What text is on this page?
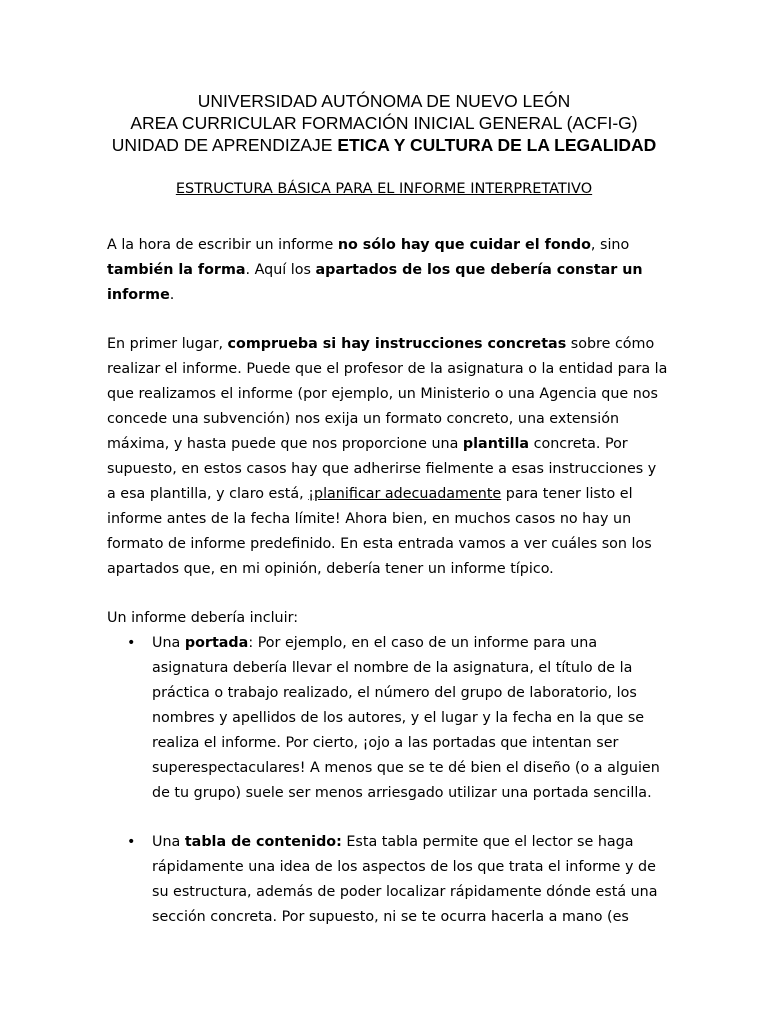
UNIVERSIDAD AUTÓNOMA DE NUEVO LEÓN
AREA CURRICULAR FORMACIÓN INICIAL GENERAL (ACFI-G)
UNIDAD DE APRENDIZAJE ETICA Y CULTURA DE LA LEGALIDAD
ESTRUCTURA BÁSICA PARA EL INFORME INTERPRETATIVO

A la hora de escribir un informe no sólo hay que cuidar el fondo, sino también la forma. Aquí los apartados de los que debería constar un informe.

En primer lugar, comprueba si hay instrucciones concretas sobre cómo realizar el informe. Puede que el profesor de la asignatura o la entidad para la que realizamos el informe (por ejemplo, un Ministerio o una Agencia que nos concede una subvención) nos exija un formato concreto, una extensión máxima, y hasta puede que nos proporcione una plantilla concreta. Por supuesto, en estos casos hay que adherirse fielmente a esas instrucciones y a esa plantilla, y claro está, ¡planificar adecuadamente para tener listo el informe antes de la fecha límite! Ahora bien, en muchos casos no hay un formato de informe predefinido. En esta entrada vamos a ver cuáles son los apartados que, en mi opinión, debería tener un informe típico.

Un informe debería incluir:

• Una portada: Por ejemplo, en el caso de un informe para una asignatura debería llevar el nombre de la asignatura, el título de la práctica o trabajo realizado, el número del grupo de laboratorio, los nombres y apellidos de los autores, y el lugar y la fecha en la que se realiza el informe. Por cierto, ¡ojo a las portadas que intentan ser superespectaculares! A menos que se te dé bien el diseño (o a alguien de tu grupo) suele ser menos arriesgado utilizar una portada sencilla.
• Una tabla de contenido: Esta tabla permite que el lector se haga rápidamente una idea de los aspectos de los que trata el informe y de su estructura, además de poder localizar rápidamente dónde está una sección concreta. Por supuesto, ni se te ocurra hacerla a mano (es
